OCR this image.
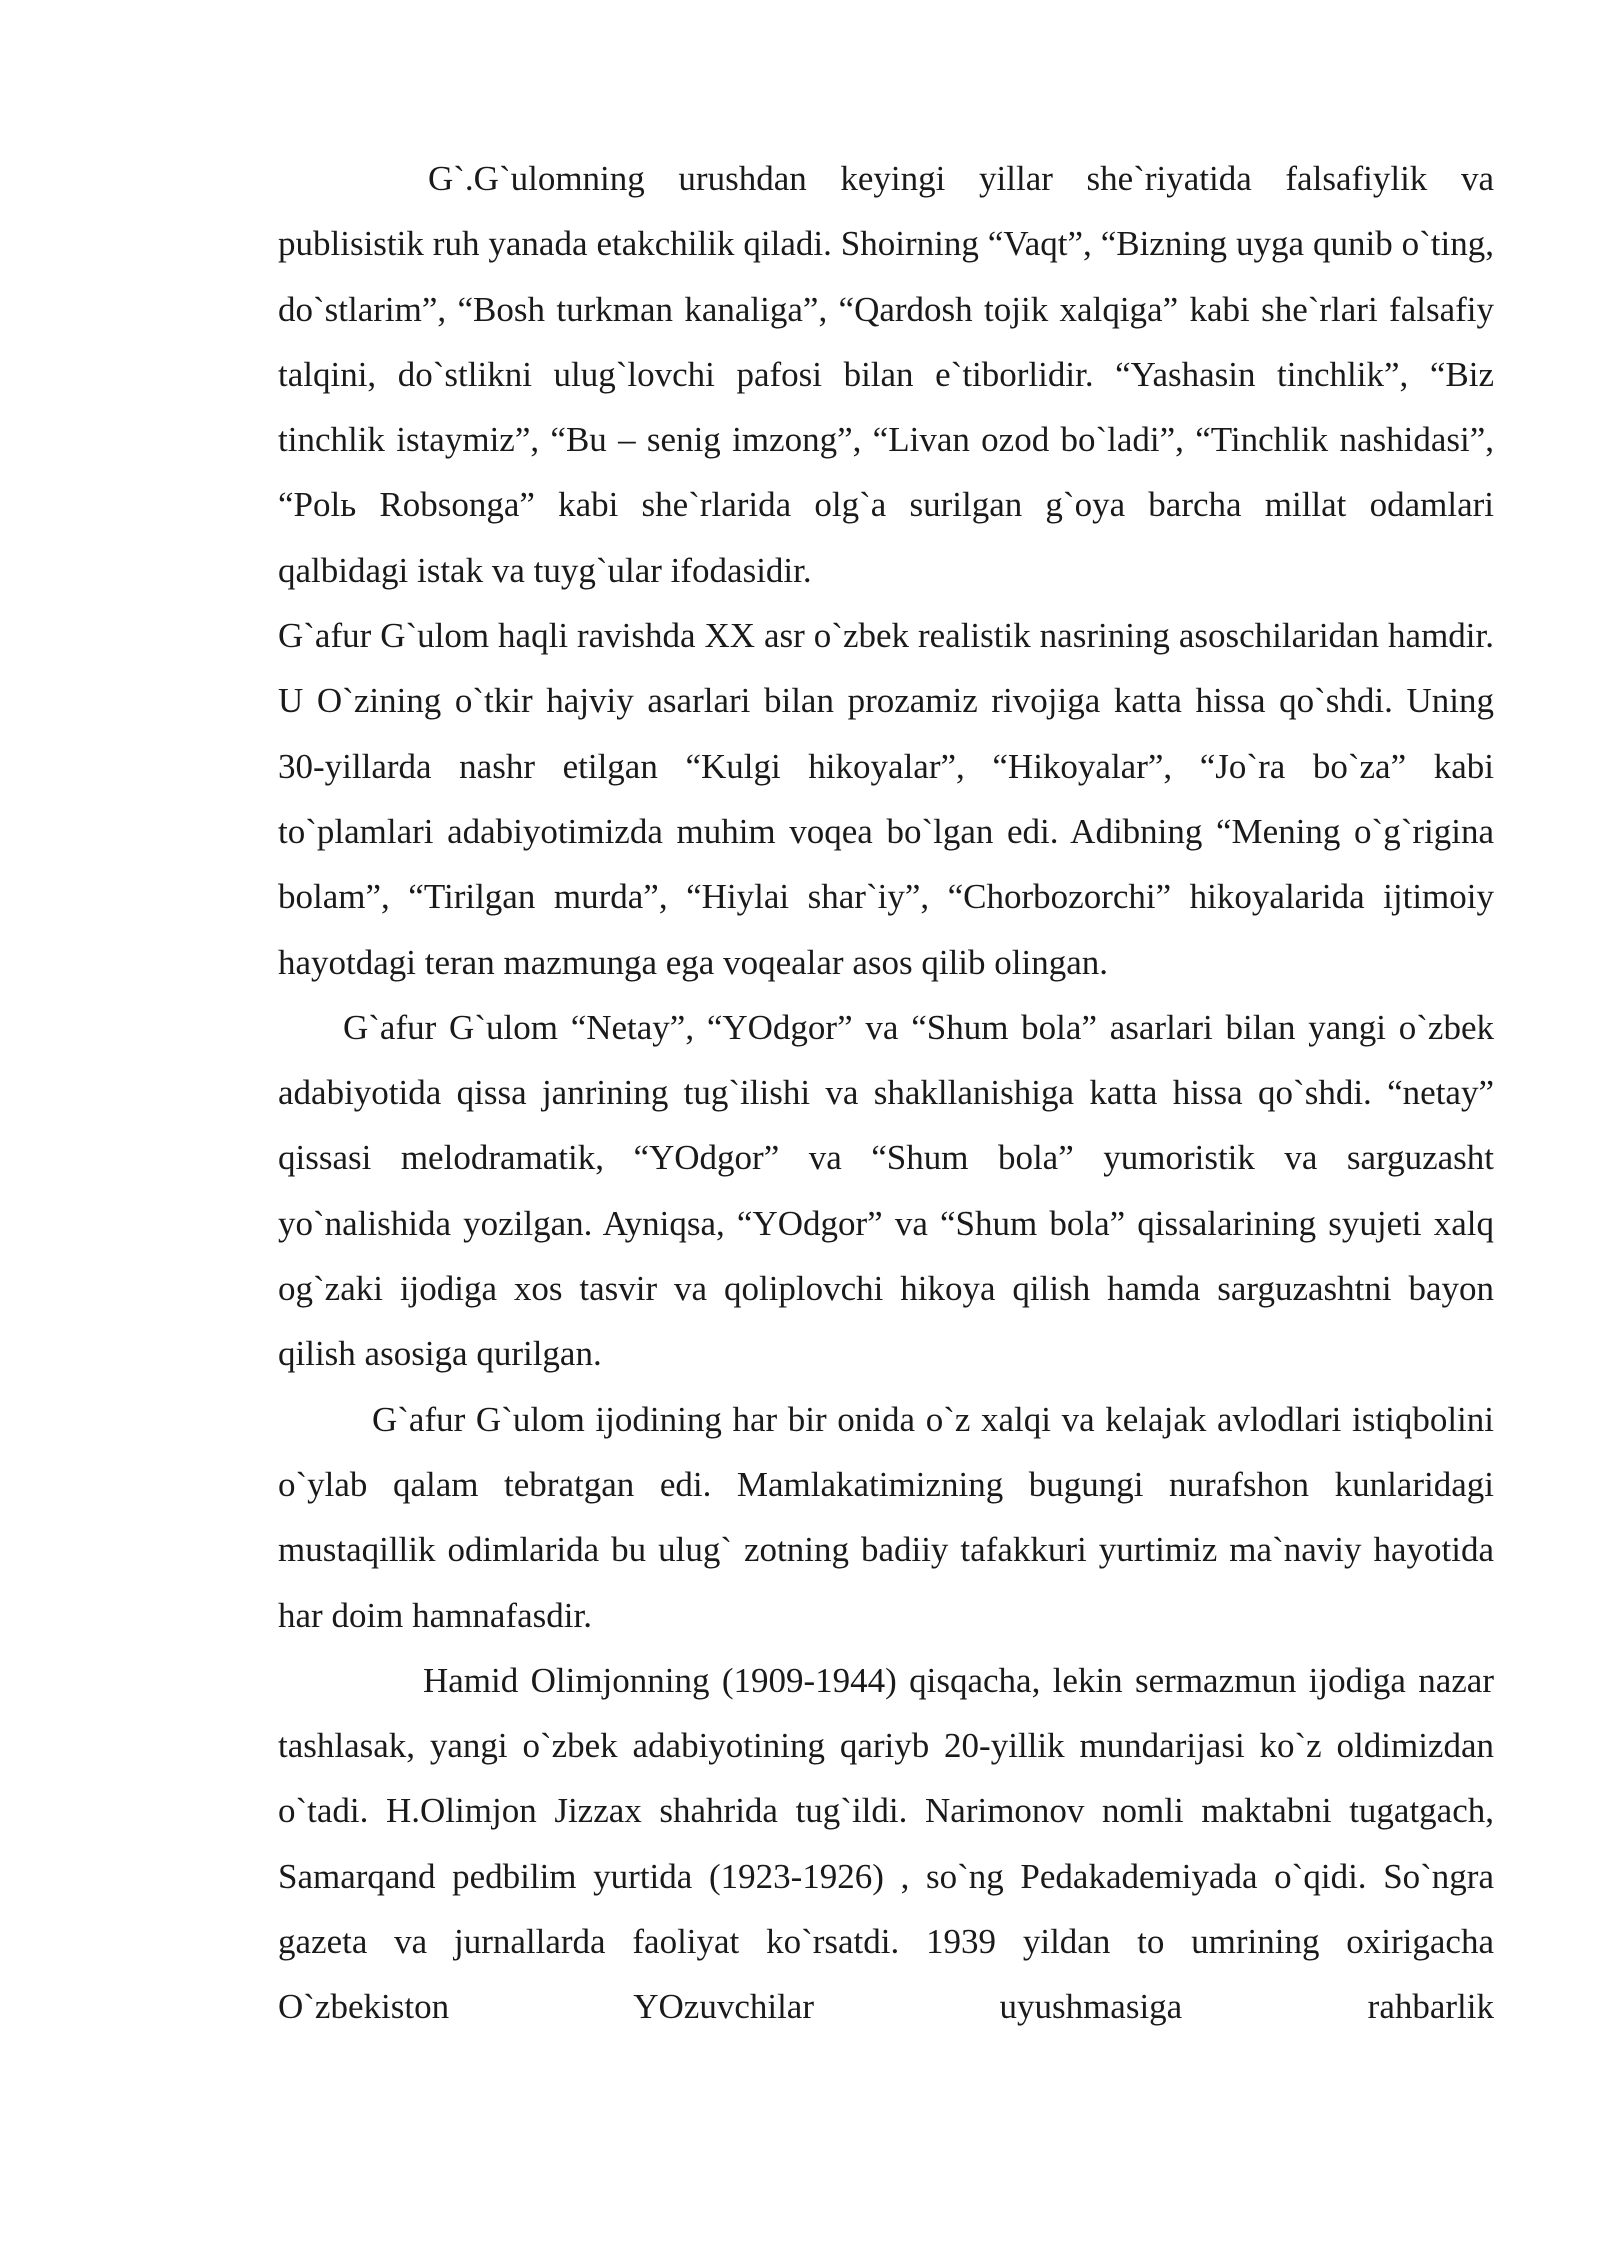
G`.G`ulomning urushdan keyingi yillar she`riyatida falsafiylik va publisistik ruh yanada etakchilik qiladi. Shoirning “Vaqt”, “Bizning uyga qunib o`ting, do`stlarim”, “Bosh turkman kanaliga”, “Qardosh tojik xalqiga” kabi she`rlari falsafiy talqini, do`stlikni ulug`lovchi pafosi bilan e`tiborlidir. “Yashasin tinchlik”, “Biz tinchlik istaymiz”, “Bu – senig imzong”, “Livan ozod bo`ladi”, “Tinchlik nashidasi”, “Polь Robsonga” kabi she`rlarida olg`a surilgan g`oya barcha millat odamlari qalbidagi istak va tuyg`ular ifodasidir.

G`afur G`ulom haqli ravishda XX asr o`zbek realistik nasrining asoschilaridan hamdir. U O`zining o`tkir hajviy asarlari bilan prozamiz rivojiga katta hissa qo`shdi. Uning 30-yillarda nashr etilgan “Kulgi hikoyalar”, “Hikoyalar”, “Jo`ra bo`za” kabi to`plamlari adabiyotimizda muhim voqea bo`lgan edi. Adibning “Mening o`g`rigina bolam”, “Tirilgan murda”, “Hiylai shar`iy”, “Chorbozorchi” hikoyalarida ijtimoiy hayotdagi teran mazmunga ega voqealar asos qilib olingan.

G`afur G`ulom “Netay”, “YOdgor” va “Shum bola” asarlari bilan yangi o`zbek adabiyotida qissa janrining tug`ilishi va shakllanishiga katta hissa qo`shdi. “netay” qissasi melodramatik, “YOdgor” va “Shum bola” yumoristik va sarguzasht yo`nalishida yozilgan. Ayniqsa, “YOdgor” va “Shum bola” qissalarining syujeti xalq og`zaki ijodiga xos tasvir va qoliplovchi hikoya qilish hamda sarguzashtni bayon qilish asosiga qurilgan.

G`afur G`ulom ijodining har bir onida o`z xalqi va kelajak avlodlari istiqbolini o`ylab qalam tebratgan edi. Mamlakatimizning bugungi nurafshon kunlaridagi mustaqillik odimlarida bu ulug` zotning badiiy tafakkuri yurtimiz ma`naviy hayotida har doim hamnafasdir.

Hamid Olimjonning (1909-1944) qisqacha, lekin sermazmun ijodiga nazar tashlasak, yangi o`zbek adabiyotining qariyb 20-yillik mundarijasi ko`z oldimizdan o`tadi. H.Olimjon Jizzax shahrida tug`ildi. Narimonov nomli maktabni tugatgach, Samarqand pedbilim yurtida (1923-1926) , so`ng Pedakademiyada o`qidi. So`ngra gazeta va jurnallarda faoliyat ko`rsatdi. 1939 yildan to umrining oxirigacha O`zbekiston YOzuvchilar uyushmasiga rahbarlik
